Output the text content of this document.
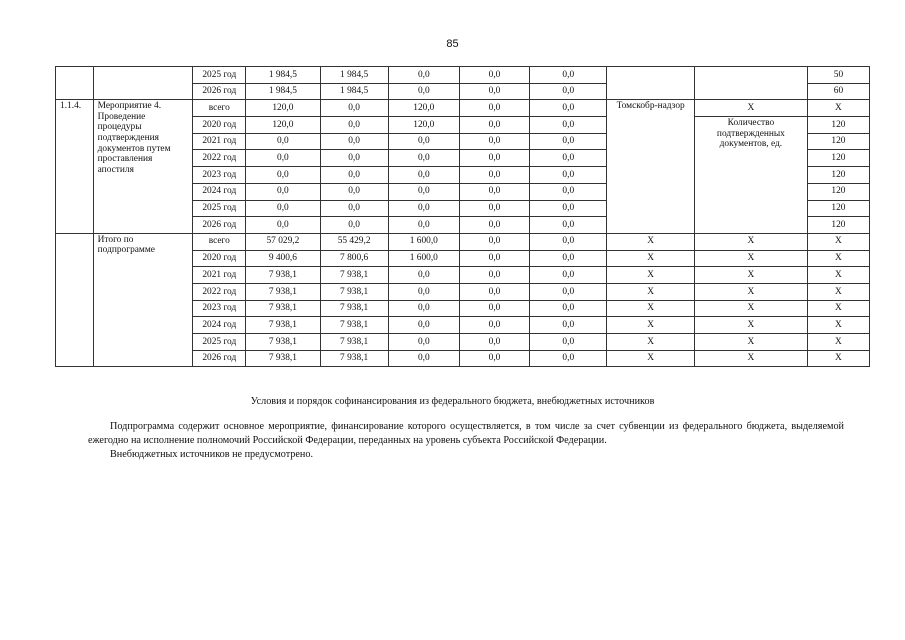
85
		2025 год	1 984,5	1 984,5	0,0	0,0	0,0			50
		2026 год	1 984,5	1 984,5	0,0	0,0	0,0			60
1.1.4.	Мероприятие 4. Проведение процедуры подтверждения документов путем проставления апостиля	всего	120,0	0,0	120,0	0,0	0,0	Томскобр-надзор	X	X
		2020 год	120,0	0,0	120,0	0,0	0,0		Количество подтвержденных документов, ед.	120
		2021 год	0,0	0,0	0,0	0,0	0,0			120
		2022 год	0,0	0,0	0,0	0,0	0,0			120
		2023 год	0,0	0,0	0,0	0,0	0,0			120
		2024 год	0,0	0,0	0,0	0,0	0,0			120
		2025 год	0,0	0,0	0,0	0,0	0,0			120
		2026 год	0,0	0,0	0,0	0,0	0,0			120
	Итого по подпрограмме	всего	57 029,2	55 429,2	1 600,0	0,0	0,0	X	X	X
		2020 год	9 400,6	7 800,6	1 600,0	0,0	0,0	X	X	X
		2021 год	7 938,1	7 938,1	0,0	0,0	0,0	X	X	X
		2022 год	7 938,1	7 938,1	0,0	0,0	0,0	X	X	X
		2023 год	7 938,1	7 938,1	0,0	0,0	0,0	X	X	X
		2024 год	7 938,1	7 938,1	0,0	0,0	0,0	X	X	X
		2025 год	7 938,1	7 938,1	0,0	0,0	0,0	X	X	X
		2026 год	7 938,1	7 938,1	0,0	0,0	0,0	X	X	X
Условия и порядок софинансирования из федерального бюджета, внебюджетных источников

Подпрограмма содержит основное мероприятие, финансирование которого осуществляется, в том числе за счет субвенции из федерального бюджета, выделяемой ежегодно на исполнение полномочий Российской Федерации, переданных на уровень субъекта Российской Федерации.

Внебюджетных источников не предусмотрено.
